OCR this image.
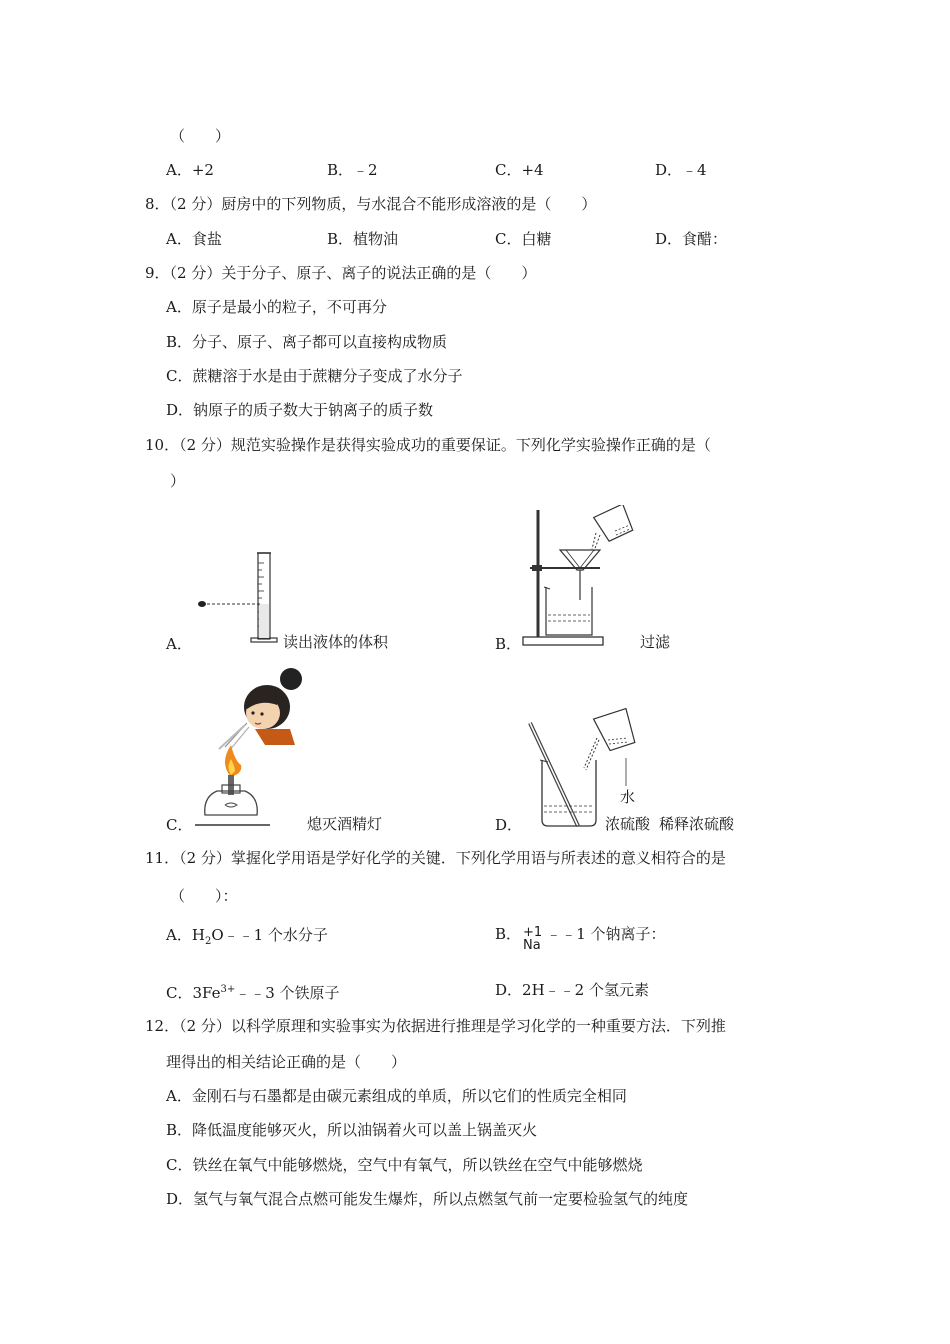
（　　）
A．+2	B．﹣2	C．+4	D．﹣4
8．（2 分）厨房中的下列物质，与水混合不能形成溶液的是（　　）
A．食盐	B．植物油	C．白糖	D．食醋：
9．（2 分）关于分子、原子、离子的说法正确的是（　　）
A．原子是最小的粒子，不可再分
B．分子、原子、离子都可以直接构成物质
C．蔗糖溶于水是由于蔗糖分子变成了水分子
D．钠原子的质子数大于钠离子的质子数
10．（2 分）规范实验操作是获得实验成功的重要保证。下列化学实验操作正确的是（
）
A．	读出液体的体积	B．	过滤
C．	熄灭酒精灯
水
浓硫酸
D．	稀释浓硫酸
11．（2 分）掌握化学用语是学好化学的关键．下列化学用语与所表述的意义相符合的是
（　　）：
A．$H_2O﹣﹣1$ 个水分子	B． +1
Na
﹣﹣1 个钠离子：
C．$3Fe^{3+}﹣﹣3$ 个铁原子	D．2H﹣﹣2 个氢元素
12．（2 分）以科学原理和实验事实为依据进行推理是学习化学的一种重要方法．下列推
理得出的相关结论正确的是（　　）
A．金刚石与石墨都是由碳元素组成的单质，所以它们的性质完全相同
B．降低温度能够灭火，所以油锅着火可以盖上锅盖灭火
C．铁丝在氧气中能够燃烧，空气中有氧气，所以铁丝在空气中能够燃烧
D．氢气与氧气混合点燃可能发生爆炸，所以点燃氢气前一定要检验氢气的纯度
